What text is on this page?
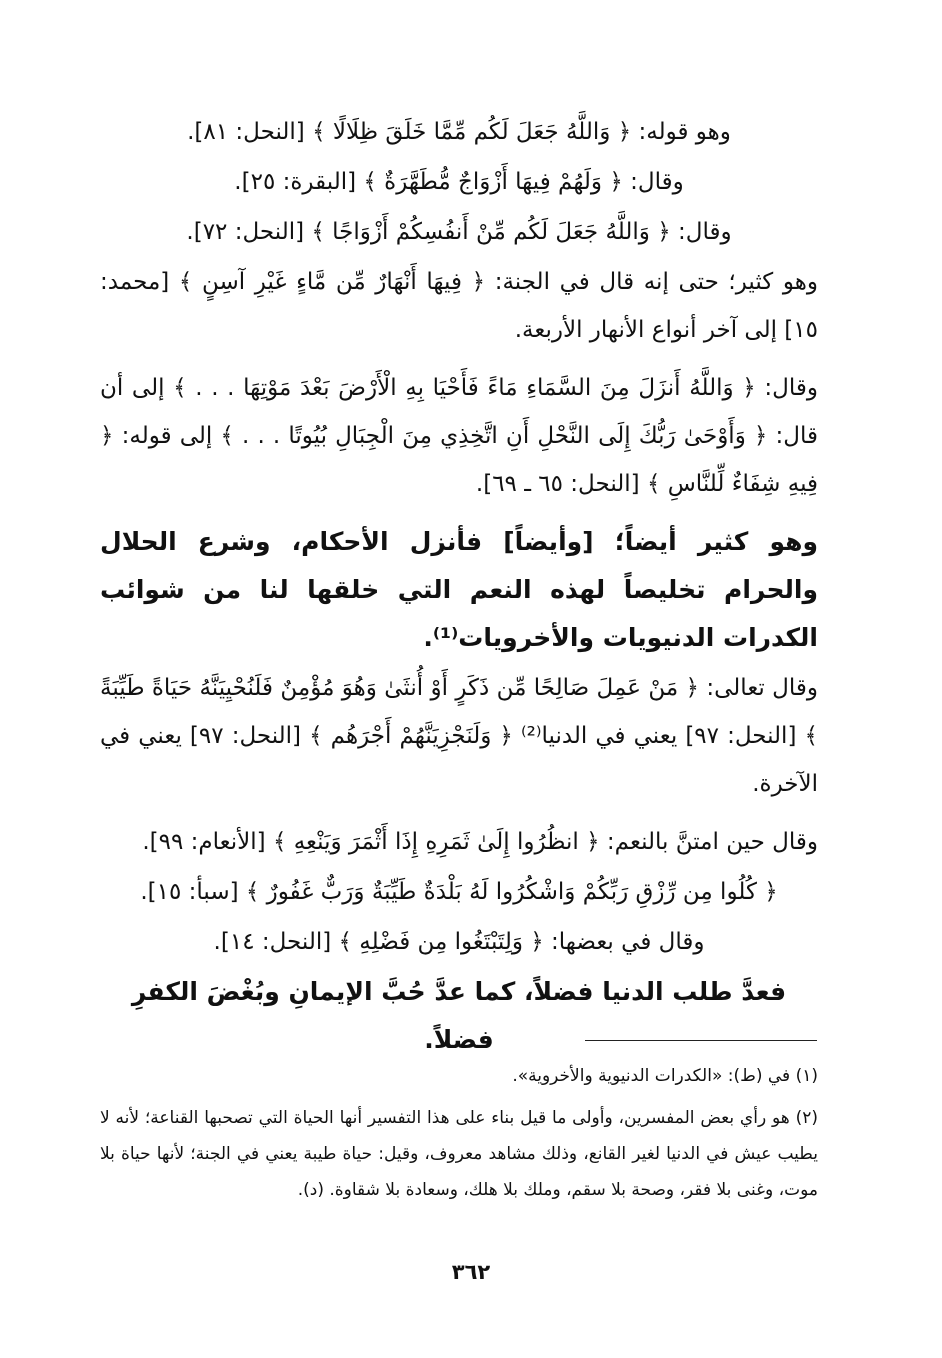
وهو قوله: ﴿ وَاللَّهُ جَعَلَ لَكُم مِّمَّا خَلَقَ ظِلَالًا ﴾ [النحل: ٨١].

وقال: ﴿ وَلَهُمْ فِيهَا أَزْوَاجٌ مُّطَهَّرَةٌ ﴾ [البقرة: ٢٥].

وقال: ﴿ وَاللَّهُ جَعَلَ لَكُم مِّنْ أَنفُسِكُمْ أَزْوَاجًا ﴾ [النحل: ٧٢].

وهو كثير؛ حتى إنه قال في الجنة: ﴿ فِيهَا أَنْهَارٌ مِّن مَّاءٍ غَيْرِ آسِنٍ ﴾ [محمد: ١٥] إلى آخر أنواع الأنهار الأربعة.

وقال: ﴿ وَاللَّهُ أَنزَلَ مِنَ السَّمَاءِ مَاءً فَأَحْيَا بِهِ الْأَرْضَ بَعْدَ مَوْتِهَا . . . ﴾ إلى أن قال: ﴿ وَأَوْحَىٰ رَبُّكَ إِلَى النَّحْلِ أَنِ اتَّخِذِي مِنَ الْجِبَالِ بُيُوتًا . . . ﴾ إلى قوله: ﴿ فِيهِ شِفَاءٌ لِّلنَّاسِ ﴾ [النحل: ٦٥ ـ ٦٩].

وهو كثير أيضاً؛ [وأيضاً] فأنزل الأحكام، وشرع الحلال والحرام تخليصاً لهذه النعم التي خلقها لنا من شوائب الكدرات الدنيويات والأخرويات⁽¹⁾.

وقال تعالى: ﴿ مَنْ عَمِلَ صَالِحًا مِّن ذَكَرٍ أَوْ أُنثَىٰ وَهُوَ مُؤْمِنٌ فَلَنُحْيِيَنَّهُ حَيَاةً طَيِّبَةً ﴾ [النحل: ٩٧] يعني في الدنيا⁽²⁾ ﴿ وَلَنَجْزِيَنَّهُمْ أَجْرَهُم ﴾ [النحل: ٩٧] يعني في الآخرة.

وقال حين امتنَّ بالنعم: ﴿ انظُرُوا إِلَىٰ ثَمَرِهِ إِذَا أَثْمَرَ وَيَنْعِهِ ﴾ [الأنعام: ٩٩].

﴿ كُلُوا مِن رِّزْقِ رَبِّكُمْ وَاشْكُرُوا لَهُ بَلْدَةٌ طَيِّبَةٌ وَرَبٌّ غَفُورٌ ﴾ [سبأ: ١٥].

وقال في بعضها: ﴿ وَلِتَبْتَغُوا مِن فَضْلِهِ ﴾ [النحل: ١٤].

فعدَّ طلب الدنيا فضلاً، كما عدَّ حُبَّ الإيمانِ وبُغْضَ الكفرِ فضلاً.

(١) في (ط): «الكدرات الدنيوية والأخروية».

(٢) هو رأي بعض المفسرين، وأولى ما قيل بناء على هذا التفسير أنها الحياة التي تصحبها القناعة؛ لأنه لا يطيب عيش في الدنيا لغير القانع، وذلك مشاهد معروف، وقيل: حياة طيبة يعني في الجنة؛ لأنها حياة بلا موت، وغنى بلا فقر، وصحة بلا سقم، وملك بلا هلك، وسعادة بلا شقاوة. (د).

٣٦٢
